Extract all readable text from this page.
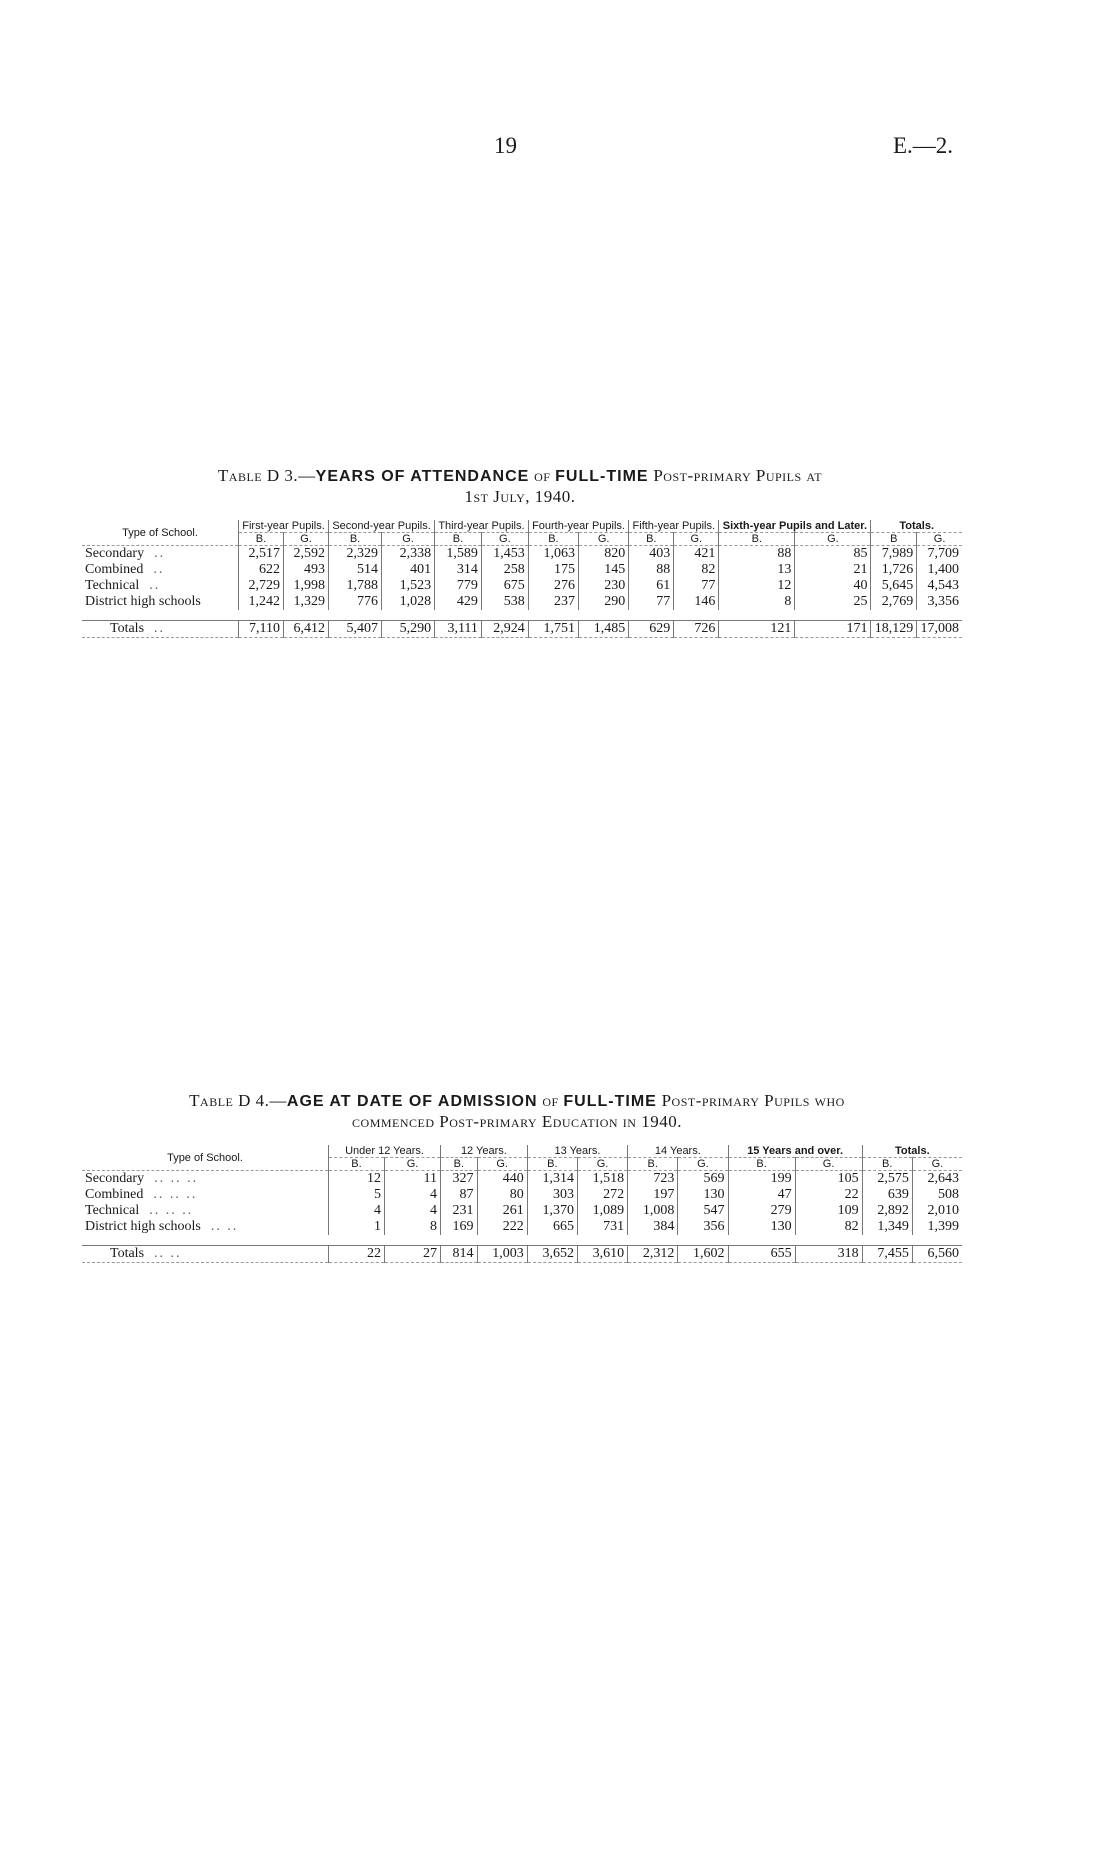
19	E.—2.
Table D 3.—YEARS OF ATTENDANCE of FULL-TIME Post-primary Pupils at
1st July, 1940.
Type of School.	First-year Pupils.		Second-year Pupils.		Third-year Pupils.		Fourth-year Pupils.		Fifth-year Pupils.		Sixth-year Pupils and Later.		Totals.	
	B.	G.	B.	G.	B.	G.	B.	G.	B.	G.	B.	G.	B	G.
Secondary ..	2,517	2,592	2,329	2,338	1,589	1,453	1,063	820	403	421	88	85	7,989	7,709
Combined ..	622	493	514	401	314	258	175	145	88	82	13	21	1,726	1,400
Technical ..	2,729	1,998	1,788	1,523	779	675	276	230	61	77	12	40	5,645	4,543
District high schools	1,242	1,329	776	1,028	429	538	237	290	77	146	8	25	2,769	3,356

Totals ..	7,110	6,412	5,407	5,290	3,111	2,924	1,751	1,485	629	726	121	171	18,129	17,008
Table D 4.—AGE AT DATE OF ADMISSION of FULL-TIME Post-primary Pupils who
commenced Post-primary Education in 1940.
Type of School.	Under 12 Years.		12 Years.		13 Years.		14 Years.		15 Years and over.		Totals.	
	B.	G.	B.	G.	B.	G.	B.	G.	B.	G.	B.	G.
Secondary .. .. ..	12	11	327	440	1,314	1,518	723	569	199	105	2,575	2,643
Combined .. .. ..	5	4	87	80	303	272	197	130	47	22	639	508
Technical .. .. ..	4	4	231	261	1,370	1,089	1,008	547	279	109	2,892	2,010
District high schools .. ..	1	8	169	222	665	731	384	356	130	82	1,349	1,399

Totals .. ..	22	27	814	1,003	3,652	3,610	2,312	1,602	655	318	7,455	6,560
